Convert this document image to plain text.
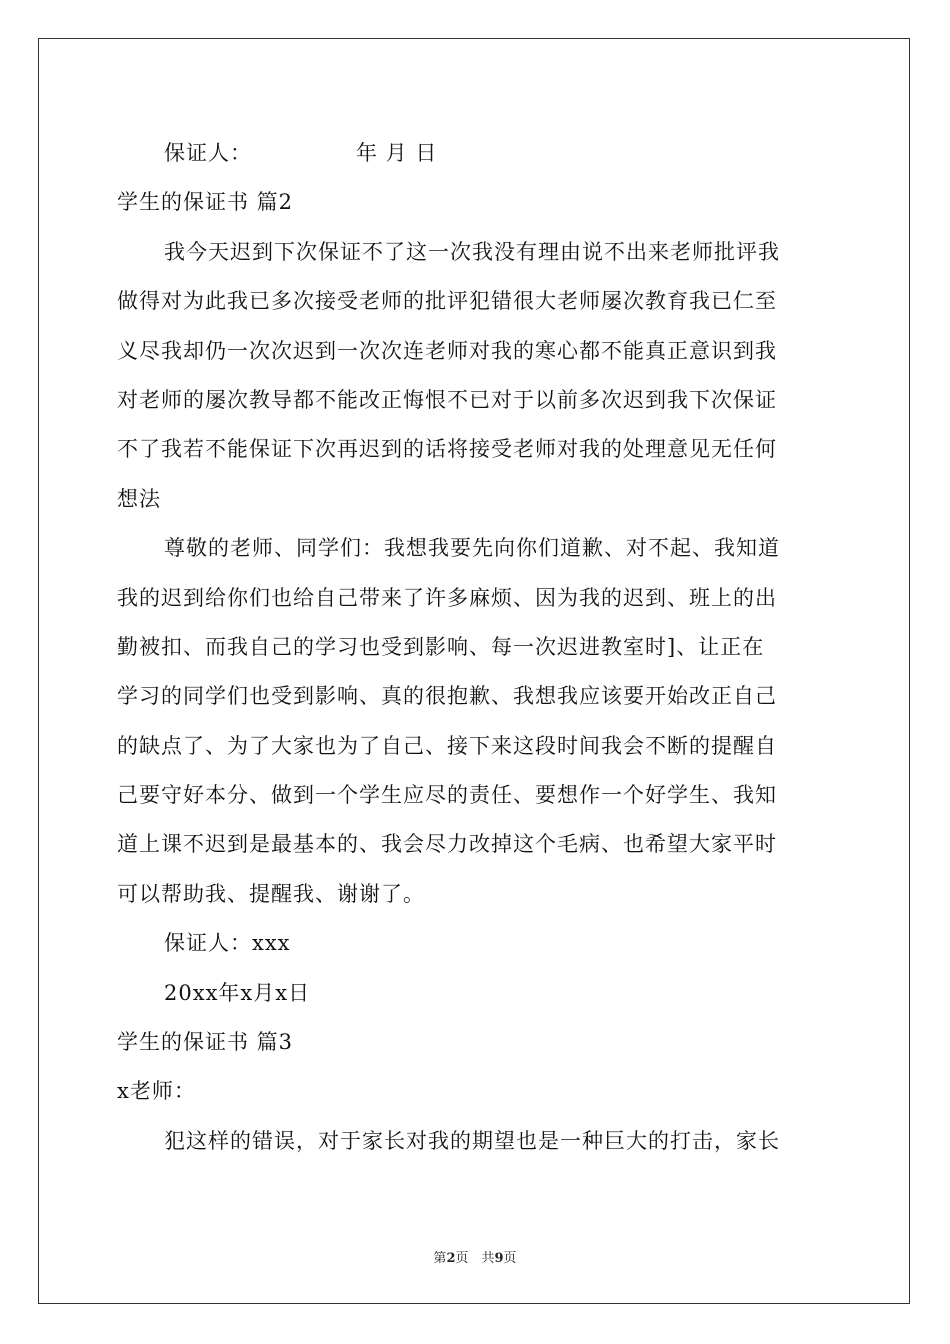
保证人：	年 月 日
学生的保证书 篇2
我今天迟到下次保证不了这一次我没有理由说不出来老师批评我
做得对为此我已多次接受老师的批评犯错很大老师屡次教育我已仁至
义尽我却仍一次次迟到一次次连老师对我的寒心都不能真正意识到我
对老师的屡次教导都不能改正悔恨不已对于以前多次迟到我下次保证
不了我若不能保证下次再迟到的话将接受老师对我的处理意见无任何
想法
尊敬的老师、同学们：我想我要先向你们道歉、对不起、我知道
我的迟到给你们也给自己带来了许多麻烦、因为我的迟到、班上的出
勤被扣、而我自己的学习也受到影响、每一次迟进教室时]、让正在
学习的同学们也受到影响、真的很抱歉、我想我应该要开始改正自己
的缺点了、为了大家也为了自己、接下来这段时间我会不断的提醒自
己要守好本分、做到一个学生应尽的责任、要想作一个好学生、我知
道上课不迟到是最基本的、我会尽力改掉这个毛病、也希望大家平时
可以帮助我、提醒我、谢谢了。
保证人：xxx
20xx年x月x日
学生的保证书 篇3
x老师：
犯这样的错误，对于家长对我的期望也是一种巨大的打击，家长
第2页　共9页
